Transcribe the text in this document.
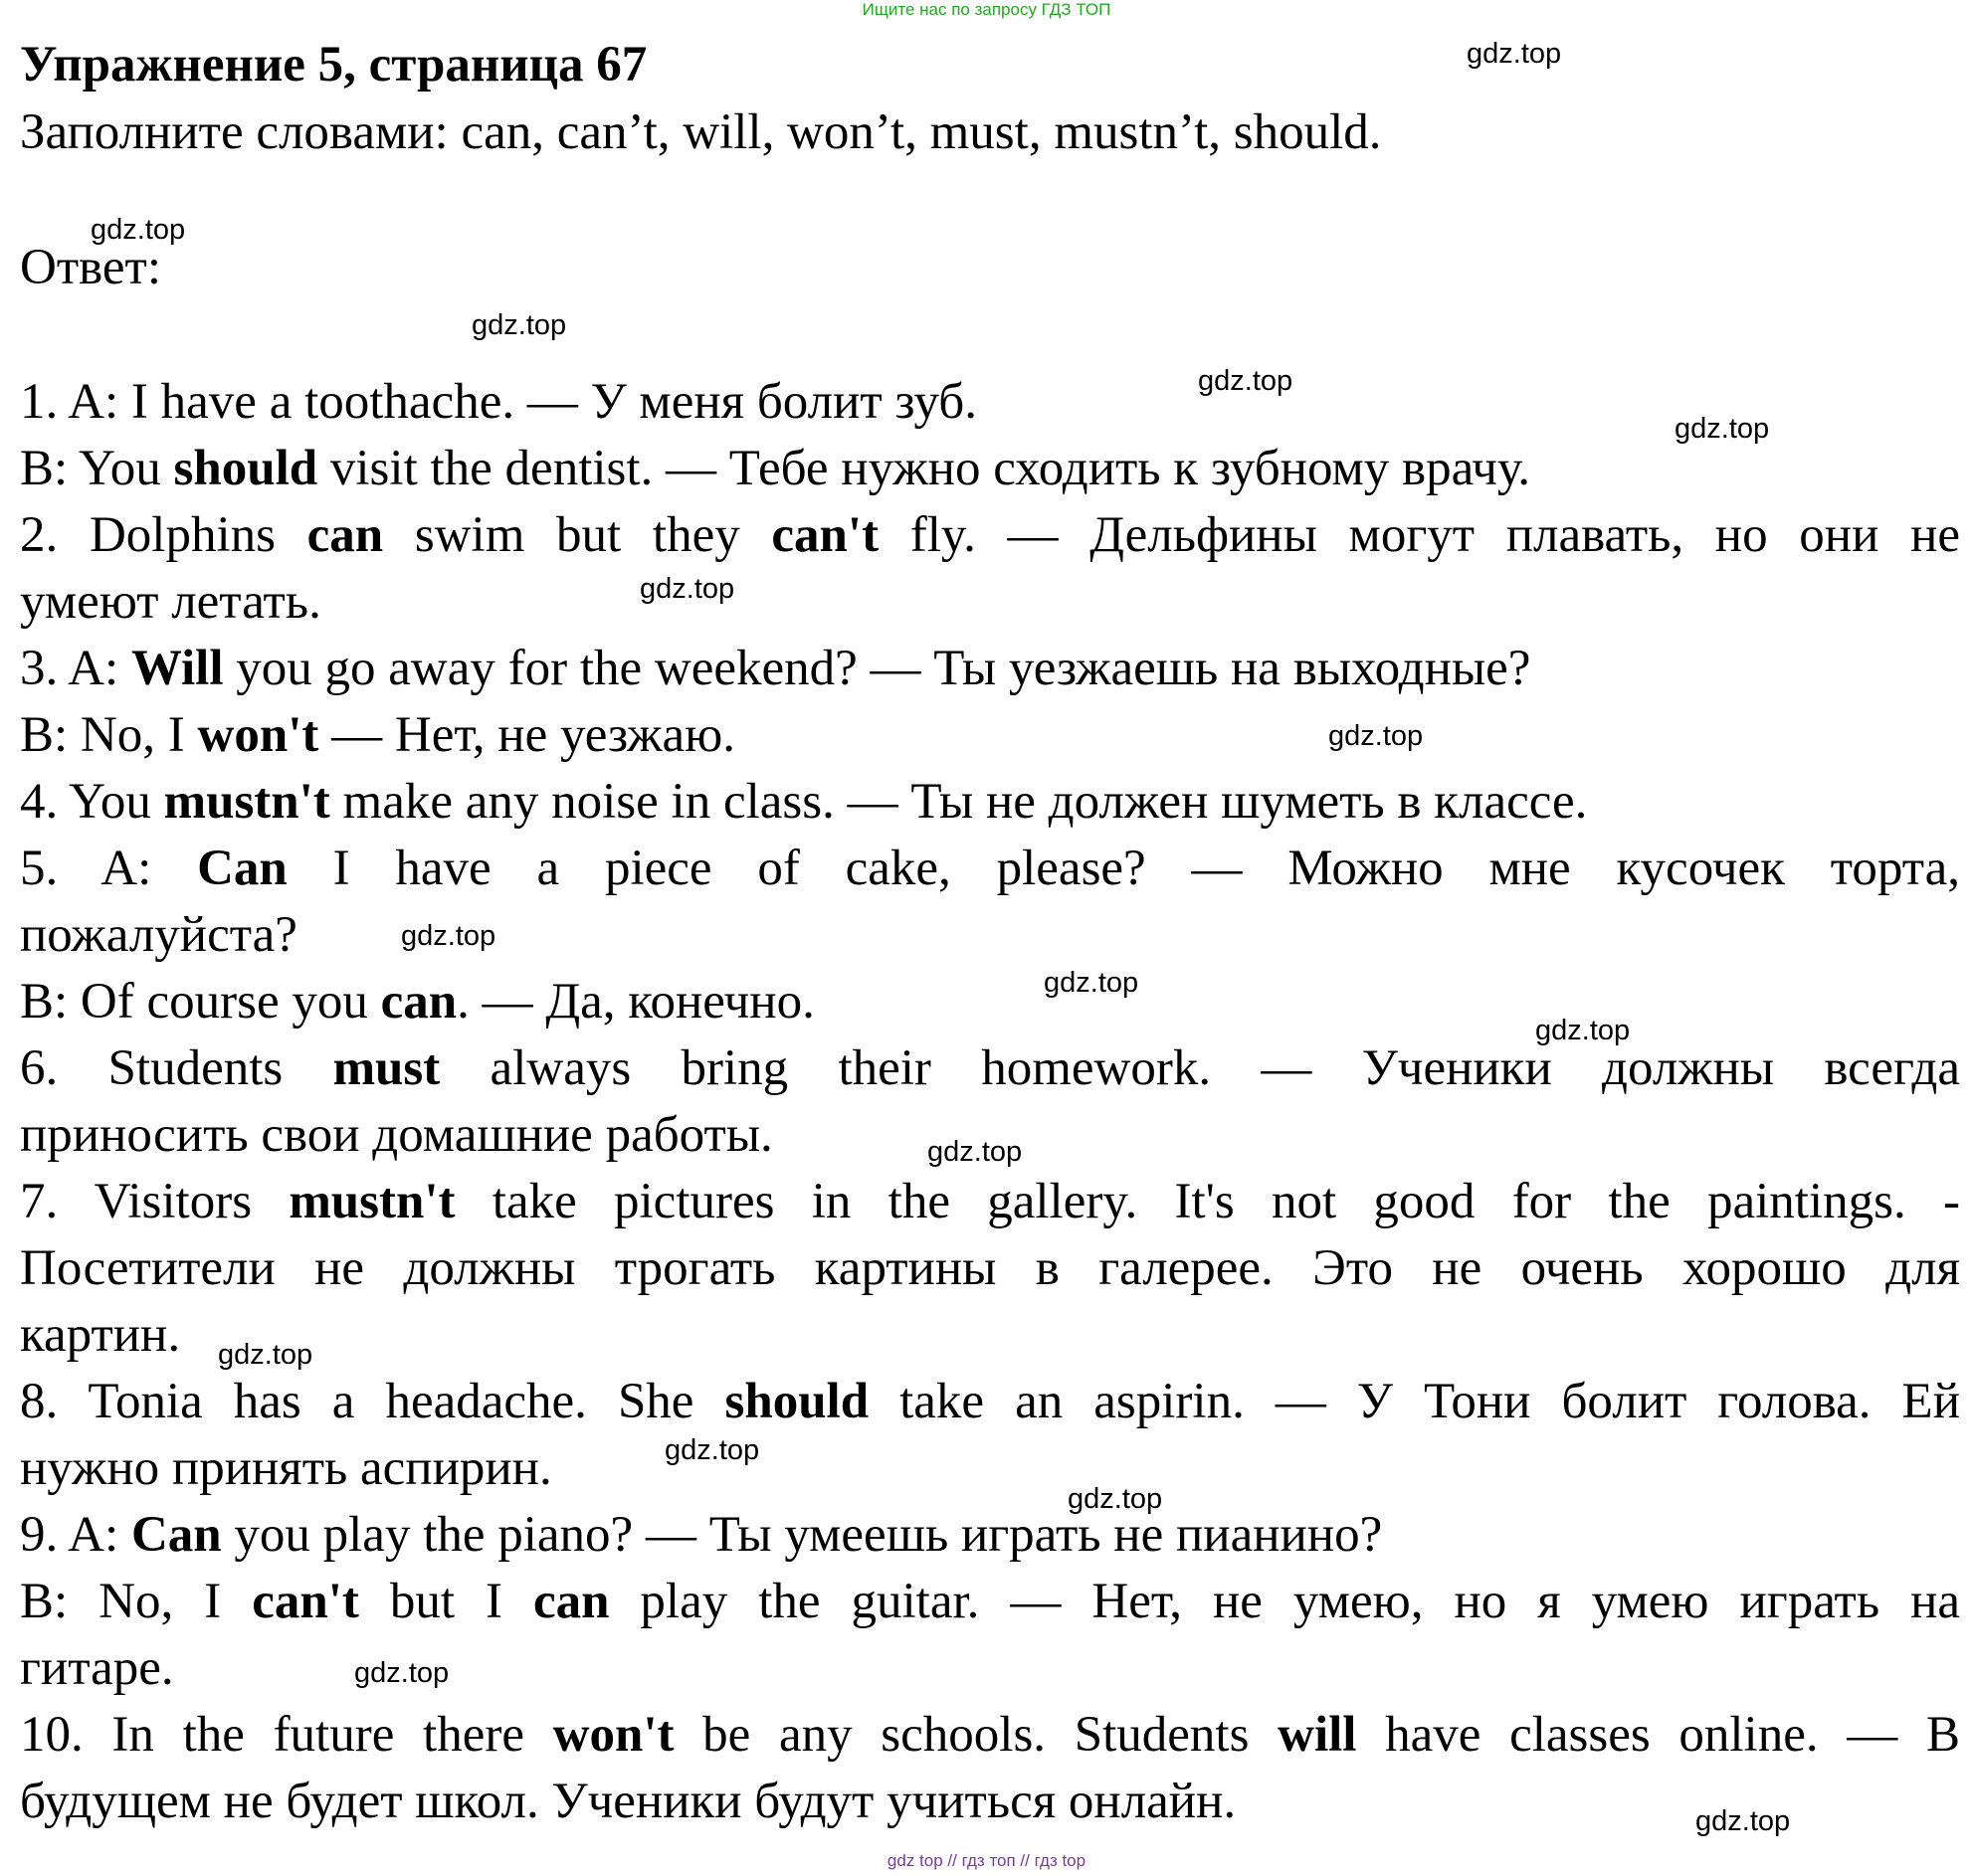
Ищите нас по запросу ГДЗ ТОП
Упражнение 5, страница 67

Заполните словами: can, can’t, will, won’t, must, mustn’t, should.

Ответ:

1. A: I have a toothache. — У меня болит зуб.

B: You should visit the dentist. — Тебе нужно сходить к зубному врачу.

2. Dolphins can swim but they can't fly. — Дельфины могут плавать, но они не

умеют летать.

3. A: Will you go away for the weekend? — Ты уезжаешь на выходные?

B: No, I won't — Нет, не уезжаю.

4. You mustn't make any noise in class. — Ты не должен шуметь в классе.

5. A: Can I have a piece of cake, please? — Можно мне кусочек торта,

пожалуйста?

B: Of course you can. — Да, конечно.

6. Students must always bring their homework. — Ученики должны всегда

приносить свои домашние работы.

7. Visitors mustn't take pictures in the gallery. It's not good for the paintings. -

Посетители не должны трогать картины в галерее. Это не очень хорошо для

картин.

8. Tonia has a headache. She should take an aspirin. — У Тони болит голова. Ей

нужно принять аспирин.

9. A: Can you play the piano? — Ты умеешь играть не пианино?

B: No, I can't but I can play the guitar. — Нет, не умею, но я умею играть на

гитаре.

10. In the future there won't be any schools. Students will have classes online. — В

будущем не будет школ. Ученики будут учиться онлайн.

gdz.top
gdz.top
gdz.top
gdz.top
gdz.top
gdz.top
gdz.top
gdz.top
gdz.top
gdz.top
gdz.top
gdz.top
gdz.top
gdz.top
gdz.top
gdz.top
gdz top // гдз топ // гдз top
